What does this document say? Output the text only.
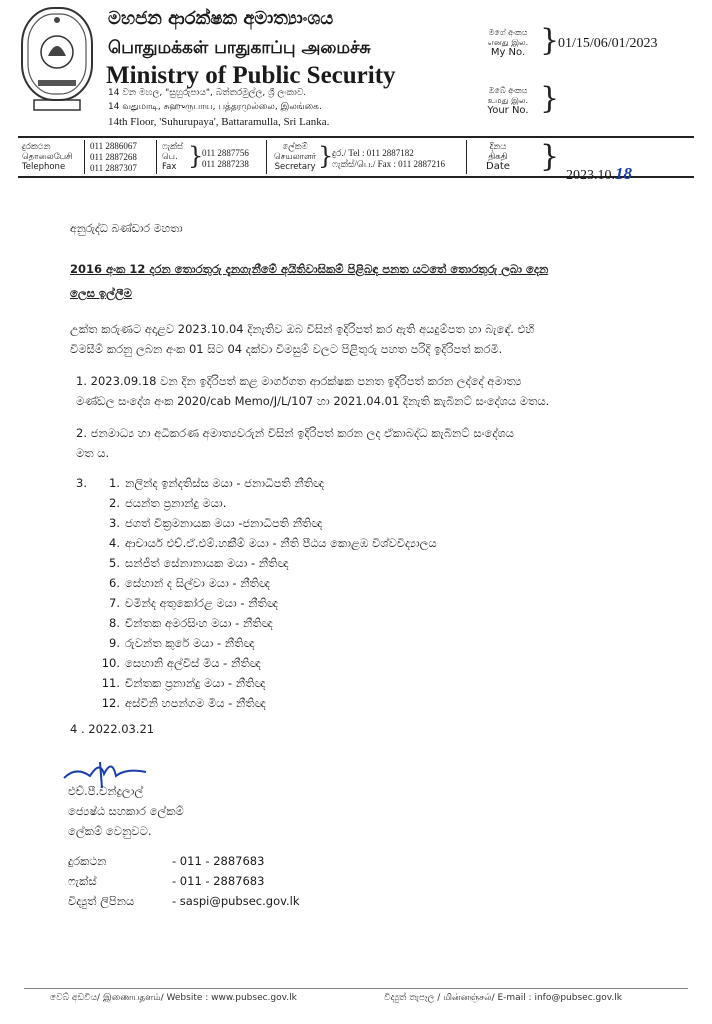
මහජන ආරක්ෂක අමාත්‍යාංශය
பொதுமக்கள் பாதுகாப்பு அமைச்சு
Ministry of Public Security
14 වන මහල, "සුහුරුපාය", බත්තරමුල්ල, ශ්‍රී ලංකාව.
14 வதுமாடி, சுஹுருபாய, பத்தரமுல்லை, இலங்கை.
14th Floor, 'Suhurupaya', Battaramulla, Sri Lanka.
මගේ අංකය
எனது இல.
My No. }
01/15/06/01/2023
ඔබේ අංකය
உமது இல.
Your No. }
දුරකථන
தொலைபேசி
Telephone
011 2886067
011 2887268
011 2887307
ෆැක්ස්
பெ.
Fax }
011 2887756
011 2887238
ලේකම්
செயலாளர்
Secretary }
දුර./ Tel : 011 2887182
ෆැක්ස්/பெ./ Fax : 011 2887216
දිනය
திகதி
Date }
2023.10.18
අනුරුද්ධ බණ්ඩාර මහතා
2016 අංක 12 දරන තොරතුරු දැනගැනීමේ අයිතිවාසිකම් පිළිබඳ පනත යටතේ තොරතුරු ලබා දෙන
ලෙස ඉල්ලීම
උක්ත කරුණට අදාළව 2023.10.04 දිනැතිව ඔබ විසින් ඉදිරිපත් කර ඇති අයදුම්පත හා බැඳේ. එහි
විමසීම් කරනු ලබන අංක 01 සිට 04 දක්වා විමසුම් වලට පිළිතුරු පහත පරිදි ඉදිරිපත් කරමි.
1. 2023.09.18 වන දින ඉදිරිපත් කළ මාර්ගගත ආරක්ෂක පනත ඉදිරිපත් කරන ලද්දේ අමාත්‍ය
මණ්ඩල සංදේශ අංක 2020/cab Memo/J/L/107 හා 2021.04.01 දිනැති කැබිනට් සංදේශය මතය.
2. ජනමාධ්‍ය හා අධිකරණ අමාත්‍යවරුන් විසින් ඉදිරිපත් කරන ලද ඒකාබද්ධ කැබිනට් සංදේශය
මත ය.
3.	1. නලින්ද ඉන්දතිස්ස මයා - ජනාධිපති නීතිඥ
2. ජයන්ත ප්‍රනාන්දු මයා.
3. ජගත් වික්‍රමනායක මයා -ජනාධිපති නීතිඥ
4. ආචාර්ය එච්.ඒ.එම්.හකීම් මයා - නීති පීඨය කොළඹ විශ්වවිද්‍යාලය
5. සන්ජීත් සේනානායක මයා - නීතිඥ
6. සේහාන් ද සිල්වා මයා - නීතිඥ
7. චමින්ද අතුකෝරළ මයා - නීතිඥ
8. චින්තක අමරසිංහ මයා - නීතිඥ
9. රුවන්ත කුරේ මයා - නීතිඥ
10. සෙහානි අල්විස් මිය - නීතිඥ
11. චින්තක ප්‍රනාන්දු මයා - නීතිඥ
12. අස්විනි හපන්ගම මිය - නීතිඥ
4 . 2022.03.21
එච්.පී.චන්ද්‍රලාල්
ජ්‍යෙෂ්ඨ සහකාර ලේකම්
ලේකම් වෙනුවට.
දුරකථන	- 011 - 2887683
ෆැක්ස්	- 011 - 2887683
විද්‍යුත් ලිපිනය	- saspi@pubsec.gov.lk
වෙබ් අඩවිය/ இணையதளம்/ Website : www.pubsec.gov.lk	විද්‍යුත් තැපෑල / மின்னஞ்சல்/ E-mail : info@pubsec.gov.lk
